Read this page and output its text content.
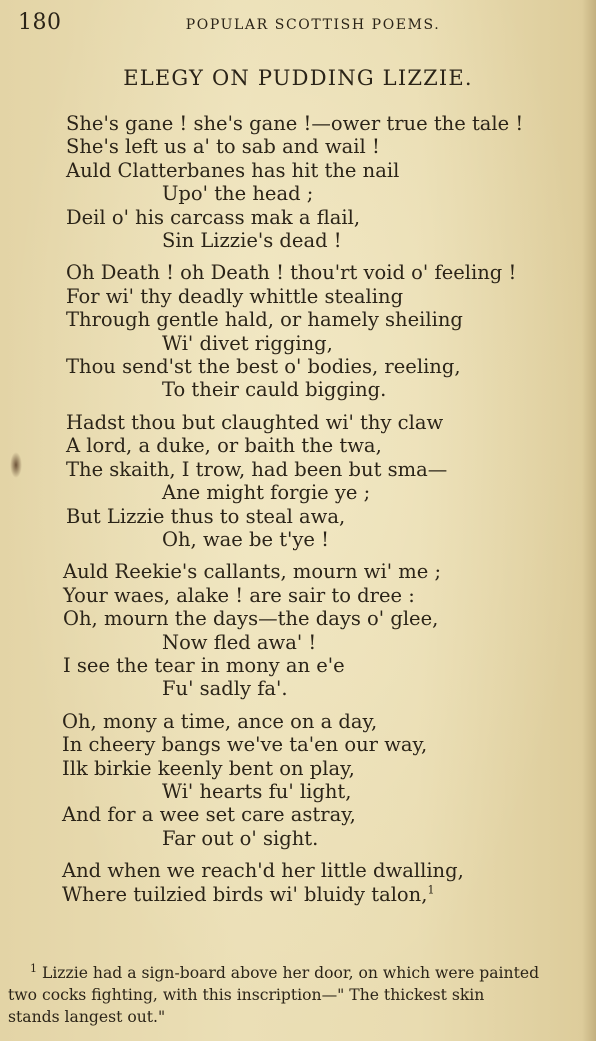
180	POPULAR SCOTTISH POEMS.
ELEGY ON PUDDING LIZZIE.
She's gane ! she's gane !—ower true the tale !
She's left us a' to sab and wail !
Auld Clatterbanes has hit the nail
Upo' the head ;
Deil o' his carcass mak a flail,
Sin Lizzie's dead !
Oh Death ! oh Death ! thou'rt void o' feeling !
For wi' thy deadly whittle stealing
Through gentle hald, or hamely sheiling
Wi' divet rigging,
Thou send'st the best o' bodies, reeling,
To their cauld bigging.
Hadst thou but claughted wi' thy claw
A lord, a duke, or baith the twa,
The skaith, I trow, had been but sma—
Ane might forgie ye ;
But Lizzie thus to steal awa,
Oh, wae be t'ye !
Auld Reekie's callants, mourn wi' me ;
Your waes, alake ! are sair to dree :
Oh, mourn the days—the days o' glee,
Now fled awa' !
I see the tear in mony an e'e
Fu' sadly fa'.
Oh, mony a time, ance on a day,
In cheery bangs we've ta'en our way,
Ilk birkie keenly bent on play,
Wi' hearts fu' light,
And for a wee set care astray,
Far out o' sight.
And when we reach'd her little dwalling,
Where tuilzied birds wi' bluidy talon,$^1$
$^1$ Lizzie had a sign-board above her door, on which were painted
two cocks fighting, with this inscription—" The thickest skin
stands langest out."
